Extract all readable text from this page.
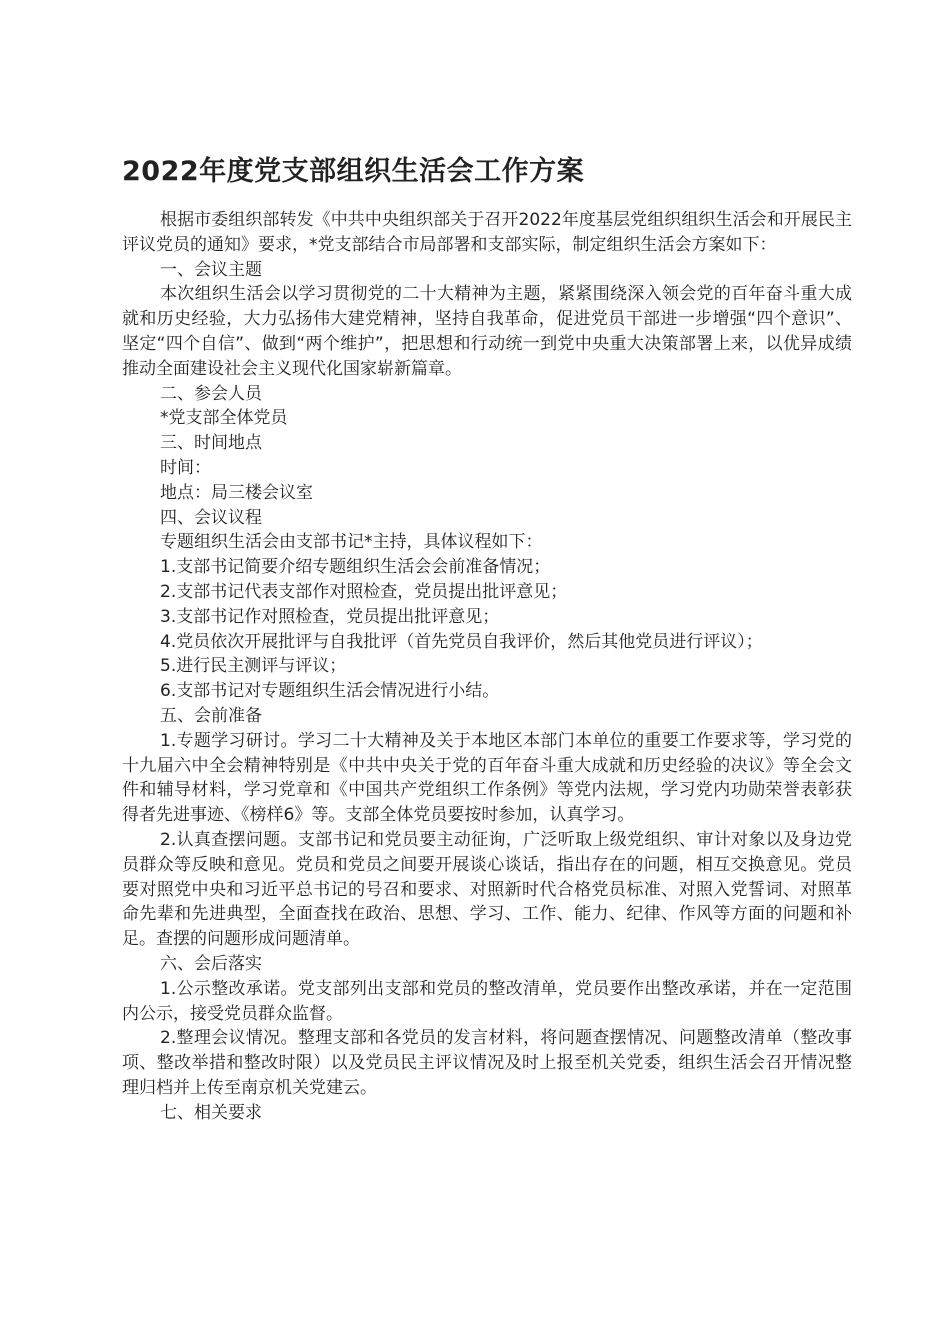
2022年度党支部组织生活会工作方案

根据市委组织部转发《中共中央组织部关于召开2022年度基层党组织组织生活会和开展民主评议党员的通知》要求，*党支部结合市局部署和支部实际，制定组织生活会方案如下：

一、会议主题

本次组织生活会以学习贯彻党的二十大精神为主题，紧紧围绕深入领会党的百年奋斗重大成就和历史经验，大力弘扬伟大建党精神，坚持自我革命，促进党员干部进一步增强“四个意识”、坚定“四个自信”、做到“两个维护”，把思想和行动统一到党中央重大决策部署上来，以优异成绩推动全面建设社会主义现代化国家崭新篇章。

二、参会人员

*党支部全体党员

三、时间地点

时间：

地点：局三楼会议室

四、会议议程

专题组织生活会由支部书记*主持，具体议程如下：

1.支部书记简要介绍专题组织生活会会前准备情况；

2.支部书记代表支部作对照检查，党员提出批评意见；

3.支部书记作对照检查，党员提出批评意见；

4.党员依次开展批评与自我批评（首先党员自我评价，然后其他党员进行评议）；

5.进行民主测评与评议；

6.支部书记对专题组织生活会情况进行小结。

五、会前准备

1.专题学习研讨。学习二十大精神及关于本地区本部门本单位的重要工作要求等，学习党的十九届六中全会精神特别是《中共中央关于党的百年奋斗重大成就和历史经验的决议》等全会文件和辅导材料，学习党章和《中国共产党组织工作条例》等党内法规，学习党内功勋荣誉表彰获得者先进事迹、《榜样6》等。支部全体党员要按时参加，认真学习。

2.认真查摆问题。支部书记和党员要主动征询，广泛听取上级党组织、审计对象以及身边党员群众等反映和意见。党员和党员之间要开展谈心谈话，指出存在的问题，相互交换意见。党员要对照党中央和习近平总书记的号召和要求、对照新时代合格党员标准、对照入党誓词、对照革命先辈和先进典型，全面查找在政治、思想、学习、工作、能力、纪律、作风等方面的问题和补足。查摆的问题形成问题清单。

六、会后落实

1.公示整改承诺。党支部列出支部和党员的整改清单，党员要作出整改承诺，并在一定范围内公示，接受党员群众监督。

2.整理会议情况。整理支部和各党员的发言材料，将问题查摆情况、问题整改清单（整改事项、整改举措和整改时限）以及党员民主评议情况及时上报至机关党委，组织生活会召开情况整理归档并上传至南京机关党建云。

七、相关要求
